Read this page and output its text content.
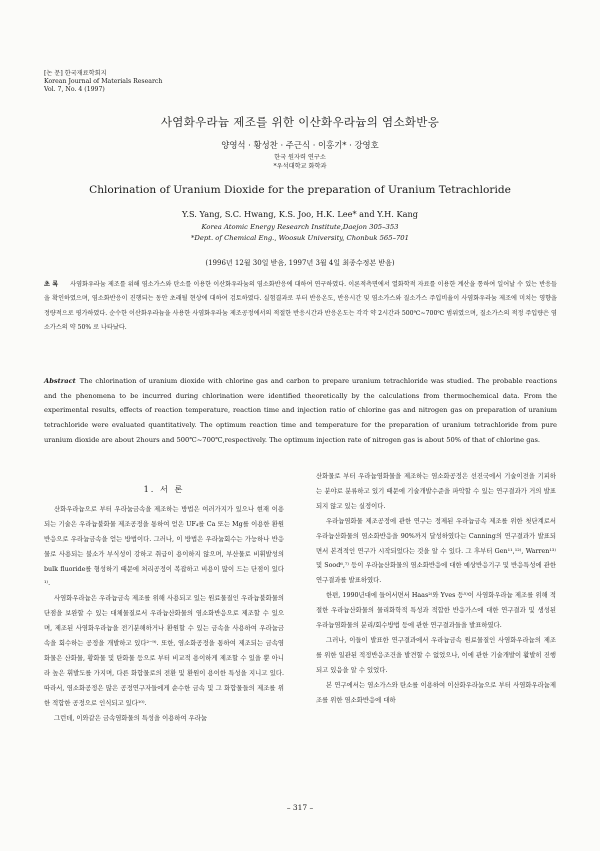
[논 문] 한국재료학회지
Korean Journal of Materials Research
Vol. 7, No. 4 (1997)
사염화우라늄 제조를 위한 이산화우라늄의 염소화반응
양영석 · 황성찬 · 주근식 · 이홍기* · 강영호
한국 원자력 연구소
*우석대학교 화학과
Chlorination of Uranium Dioxide for the preparation of Uranium Tetrachloride
Y.S. Yang, S.C. Hwang, K.S. Joo, H.K. Lee* and Y.H. Kang
Korea Atomic Energy Research Institute,Daejon 305–353
*Dept. of Chemical Eng., Woosuk University, Chonbuk 565–701
(1996년 12월 30일 받음, 1997년 3월 4일 최종수정본 받음)
초 록 사염화우라늄 제조를 위해 염소가스와 탄소를 이용한 이산화우라늄의 염소화반응에 대하여 연구하였다. 이론적측면에서 열화학적 자료를 이용한 계산을 통하여 일어날 수 있는 반응들을 확인하였으며, 염소화반응이 진행되는 동안 초래될 현상에 대하여 검토하였다. 실험결과로 부터 반응온도, 반응시간 및 염소가스와 질소가스 주입비율이 사염화우라늄 제조에 미치는 영향을 정량적으로 평가하였다. 순수한 이산화우라늄을 사용한 사염화우라늄 제조공정에서의 적절한 반응시간과 반응온도는 각각 약 2시간과 500℃~700℃ 범위였으며, 질소가스의 적정 주입량은 염소가스의 약 50% 로 나타났다.
Abstract The chlorination of uranium dioxide with chlorine gas and carbon to prepare uranium tetrachloride was studied. The probable reactions and the phenomena to be incurred during chlorination were identified theoretically by the calculations from thermochemical data. From the experimental results, effects of reaction temperature, reaction time and injection ratio of chlorine gas and nitrogen gas on preparation of uranium tetrachloride were evaluated quantitatively. The optimum reaction time and temperature for the preparation of uranium tetrachloride from pure uranium dioxide are about 2hours and 500℃~700℃,respectively. The optimum injection rate of nitrogen gas is about 50% of that of chlorine gas.
1. 서 론

산화우라늄으로 부터 우라늄금속을 제조하는 방법은 여러가지가 있으나 현재 이용되는 기술은 우라늄불화물 제조공정을 통하여 얻은 UF₄를 Ca 또는 Mg를 이용한 환원반응으로 우라늄금속을 얻는 방법이다. 그러나, 이 방법은 우라늄회수는 가능하나 반응물로 사용되는 불소가 부식성이 강하고 취급이 용이하지 않으며, 부산물로 비휘발성의 bulk fluoride를 형성하기 때문에 처리공정이 복잡하고 비용이 많이 드는 단점이 있다¹⁾.

사염화우라늄은 우라늄금속 제조를 위해 사용되고 있는 원료물질인 우라늄불화물의 단점을 보완할 수 있는 대체물질로서 우라늄산화물의 염소화반응으로 제조할 수 있으며, 제조된 사염화우라늄을 전기분해하거나 환원할 수 있는 금속을 사용하여 우라늄금속을 회수하는 공정을 개발하고 있다²⁻⁹⁾. 또한, 염소화공정을 통하여 제조되는 금속염화물은 산화물, 황화물 및 탄화물 등으로 부터 비교적 용이하게 제조할 수 있을 뿐 아니라 높은 휘발도를 가지며, 다른 화합물로의 전환 및 환원이 용이한 특성을 지니고 있다. 따라서, 염소화공정은 많은 공정연구자들에게 순수한 금속 및 그 화합물들의 제조를 위한 적합한 공정으로 인식되고 있다¹⁰⁾.

그런데, 이와같은 금속염화물의 특성을 이용하여 우라늄

산화물로 부터 우라늄염화물을 제조하는 염소화공정은 선진국에서 기술이전을 기피하는 분야로 분류하고 있기 때문에 기술개발수준을 파악할 수 있는 연구결과가 거의 발표되지 않고 있는 실정이다.

우라늄염화물 제조공정에 관한 연구는 정제된 우라늄금속 제조를 위한 첫단계로서 우라늄산화물의 염소화반응을 90%까지 달성하였다는 Canning의 연구결과가 발표되면서 본격적인 연구가 시작되었다는 것을 알 수 있다. 그 후부터 Gen¹¹,¹²⁾, Warren¹³⁾ 및 Sood⁶,⁷⁾ 등이 우라늄산화물의 염소화반응에 대한 예상반응기구 및 반응특성에 관한 연구결과를 발표하였다.

한편, 1990년대에 들어서면서 Haas²⁾와 Yves 등⁵⁾이 사염화우라늄 제조를 위해 적절한 우라늄산화물의 물리화학적 특성과 적합한 반응가스에 대한 연구결과 및 생성된 우라늄염화물의 분리/회수방법 등에 관한 연구결과들을 발표하였다.

그러나, 이들이 발표한 연구결과에서 우라늄금속 원료물질인 사염화우라늄의 제조를 위한 일관된 적정반응조건을 발견할 수 없었으나, 이에 관한 기술개발이 활발히 진행되고 있음을 알 수 있었다.

본 연구에서는 염소가스와 탄소를 이용하여 이산화우라늄으로 부터 사염화우라늄제조를 위한 염소화반응에 대하

– 317 –
